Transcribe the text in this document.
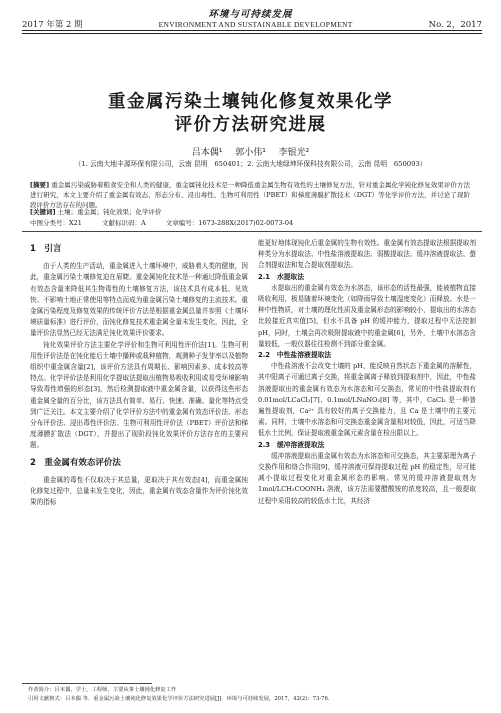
环境与可持续发展
2017 年第 2 期	ENVIRONMENT AND SUSTAINABLE DEVELOPMENT	No. 2，2017
重金属污染土壤钝化修复效果化学
评价方法研究进展
吕本偶¹ 郭小伟¹ 李银光²
（1. 云南大地丰源环保有限公司，云南 昆明　650401；2. 云南大地绿坤环保科技有限公司，云南 昆明　650093）
[摘要] 重金属污染威胁着粮食安全和人类的健康，重金属钝化技术是一种降低重金属生物有效性的土壤修复方法，针对重金属化学钝化修复效果评价方法进行研究，本文主要介绍了重金属有效态、形态分布、浸出毒性、生物可利用性（PBET）和梯度薄膜扩散技术（DGT）等化学评价方法，并讨论了现阶段评价方法存在的问题。
[关键词] 土壤；重金属；钝化效果；化学评价
中图分类号：X21	文献标识码：A	文章编号：1673-288X(2017)02-0073-04
1　引言

由于人类的生产活动，重金属进入土壤环境中，威胁着人类的健康，因此，重金属污染土壤修复迫在眉睫。重金属钝化技术是一种通过降低重金属有效态含量来降低其生物毒性的土壤修复方法，该技术具有成本低、见效快、不影响土地正常使用等特点而成为重金属污染土壤修复的主流技术。重金属污染程度及修复效果的传统评价方法是根据重金属总量并参照《土壤环境质量标准》进行评价，而钝化修复技术重金属全量未发生变化，因此，全量评价法显然已经无法满足钝化效果评价要求。

钝化效果评价方法主要化学评价和生物可利用性评价法[1]。生物可利用性评价法是在钝化能后土壤中播种或栽种植物，观测种子发芽率以及植物组织中重金属含量[2]，该评价方法具有周期长、影响因素多、成本较高等特点。化学评价法是利用化学提取法提取出植物易吸收利用或易受环境影响导致毒性增强的形态[3]，然后检测提取液中重金属含量，以获得这些形态重金属全量的百分比，该方法具有简单、易行、快速、准确、量化等特点受到广泛关注。本文主要介绍了化学评价方法中的重金属有效态评价法、形态分布评价法、浸出毒性评价法、生物可利用性评价法（PBET）评价法和梯度薄膜扩散法（DGT），并提出了现阶段钝化效果评价方法存在的主要问题。

2　重金属有效态评价法

重金属的毒性不仅取决于其总量，更取决于其有效态[4]，而重金属钝化修复过程中，总量未发生变化，因此，重金属有效态含量作为评价钝化效果的指标

能更好地体现钝化后重金属的生物有效性。重金属有效态提取法根据提取剂种类分为水提取法、中性盐溶液提取法、弱酸提取法、缓冲溶液提取法、螯合剂提取法和复合提取剂提取法。

2.1　水提取法

水提取出的重金属有效态为水溶态，该形态的活性最强，能被植物直接吸收利用，极易随着环境变化（如降雨导致土壤湿度变化）而释放。水是一种中性物质，对土壤的理化性质及重金属形态的影响较小，提取出的水溶态比较接近真实值[5]，但水不具备 pH 的缓冲能力，提取过程中无法控制 pH，同时，土壤会再次吸附提取液中的重金属[6]，另外，土壤中水溶态含量较低，一般仪器往往检测不到部分重金属。

2.2　中性盐溶液提取法

中性盐溶液不会改变土壤的 pH，能反映自然状态下重金属的溶解性，其中阳离子可通过离子交换，将重金属离子释放到提取剂中，因此，中性盐溶液提取出的重金属有效态为水溶态和可交换态，常见的中性盐提取剂有 0.01mol/LCaCl₂[7]、0.1mol/LNaNO₃[8] 等，其中，CaCl₂ 是一种普遍性提取剂，Ca²⁺ 具有较好的离子交换能力，且 Ca 是土壤中的主要元素。同样，土壤中水溶态和可交换态重金属含量相对较低，因此，可适当降低水土比例，保证提取液重金属元素含量在检出限以上。

2.3　缓冲溶液提取法

缓冲溶液提取出重金属有效态为水溶态和可交换态，其主要原理为离子交换作用和络合作用[9]，缓冲溶液可保持提取过程 pH 的稳定性，尽可能减小提取过程变化对重金属形态的影响。常见的缓冲溶液提取剂为 1mol/LCH₃COONH₄ 溶液，该方法需要醋酸铵的浓度较高，且一般提取过程中采用较高的较低水土比，其经济

作者简介：吕本偶，学士，工程师，主要从事土壤钝化修复工作
引用文献格式：吕本偶 等．重金属污染土壤钝化修复效果化学评价方法研究进展[J]．环境与可持续发展，2017，42(2)：73-76.
